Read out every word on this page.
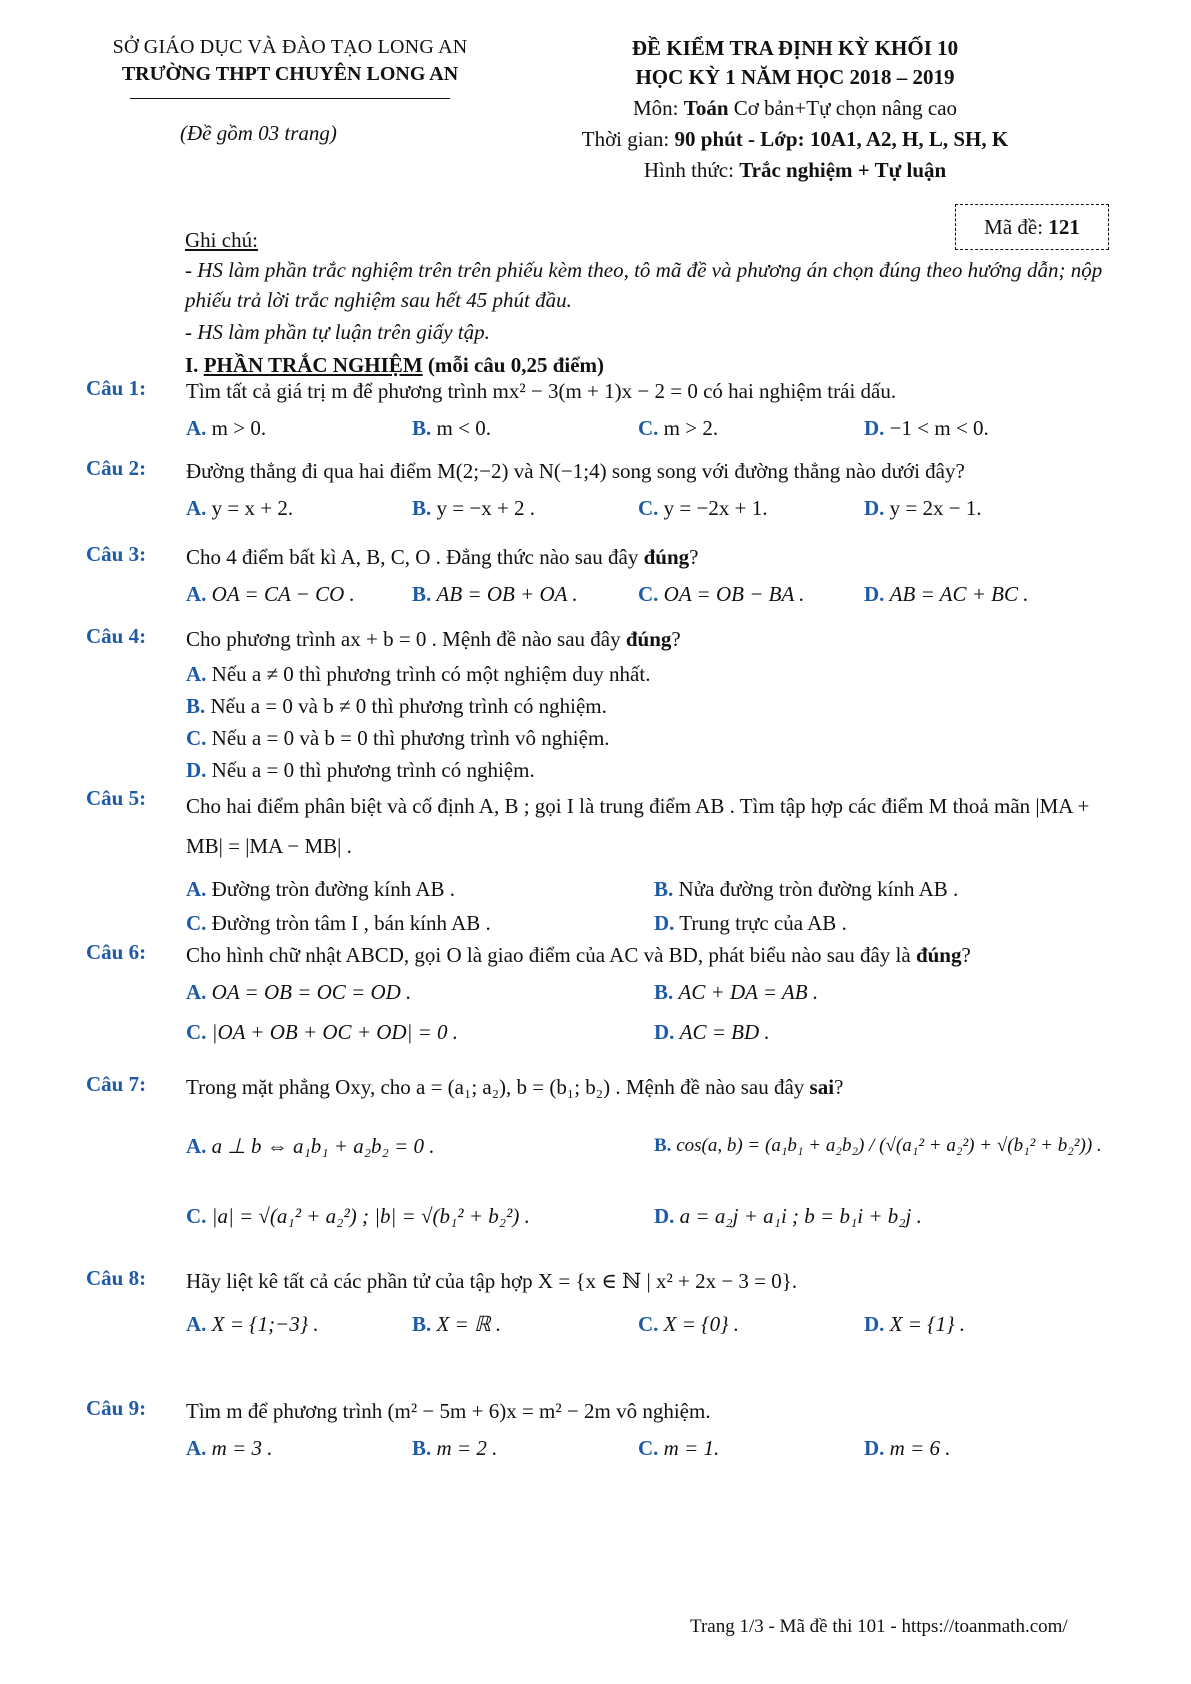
SỞ GIÁO DỤC VÀ ĐÀO TẠO LONG AN
TRƯỜNG THPT CHUYÊN LONG AN
(Đề gồm 03 trang)
ĐỀ KIỂM TRA ĐỊNH KỲ KHỐI 10
HỌC KỲ 1 NĂM HỌC 2018 – 2019
Môn: Toán Cơ bản+Tự chọn nâng cao
Thời gian: 90 phút - Lớp: 10A1, A2, H, L, SH, K
Hình thức: Trắc nghiệm + Tự luận
Mã đề:
121
Ghi chú:
- HS làm phần trắc nghiệm trên trên phiếu kèm theo, tô mã đề và phương án chọn đúng theo hướng dẫn; nộp phiếu trả lời trắc nghiệm sau hết 45 phút đầu.
- HS làm phần tự luận trên giấy tập.
I. PHẦN TRẮC NGHIỆM (mỗi câu 0,25 điểm)
Câu 1: Tìm tất cả giá trị m để phương trình mx² − 3(m + 1)x − 2 = 0 có hai nghiệm trái dấu.
A. m > 0.	B. m < 0.	C. m > 2.	D. −1 < m < 0.
Câu 2: Đường thẳng đi qua hai điểm M(2;−2) và N(−1;4) song song với đường thẳng nào dưới đây?
A. y = x + 2.	B. y = −x + 2 .	C. y = −2x + 1.	D. y = 2x − 1.
Câu 3: Cho 4 điểm bất kì A, B, C, O . Đẳng thức nào sau đây đúng?
A. OA = CA − CO .	B. AB = OB + OA .	C. OA = OB − BA .	D. AB = AC + BC .
Câu 4: Cho phương trình ax + b = 0 . Mệnh đề nào sau đây đúng?
A. Nếu a ≠ 0 thì phương trình có một nghiệm duy nhất.
B. Nếu a = 0 và b ≠ 0 thì phương trình có nghiệm.
C. Nếu a = 0 và b = 0 thì phương trình vô nghiệm.
D. Nếu a = 0 thì phương trình có nghiệm.
Câu 5: Cho hai điểm phân biệt và cố định A, B ; gọi I là trung điểm AB . Tìm tập hợp các điểm M thoả mãn |MA + MB| = |MA − MB| .
A. Đường tròn đường kính AB .	B. Nửa đường tròn đường kính AB .
C. Đường tròn tâm I , bán kính AB .	D. Trung trực của AB .
Câu 6: Cho hình chữ nhật ABCD, gọi O là giao điểm của AC và BD, phát biểu nào sau đây là đúng?
A. OA = OB = OC = OD .	B. AC + DA = AB .
C. |OA + OB + OC + OD| = 0 .	D. AC = BD .
Câu 7: Trong mặt phẳng Oxy, cho a = (a₁; a₂), b = (b₁; b₂) . Mệnh đề nào sau đây sai?
A. a ⊥ b ⇔ a₁b₁ + a₂b₂ = 0 .	B. cos(a, b) = (a₁b₁ + a₂b₂) / (√(a₁² + a₂²) + √(b₁² + b₂²)) .
C. |a| = √(a₁² + a₂²) ; |b| = √(b₁² + b₂²) .	D. a = a₂j + a₁i ; b = b₁i + b₂j .
Câu 8: Hãy liệt kê tất cả các phần tử của tập hợp X = {x ∈ ℕ | x² + 2x − 3 = 0}.
A. X = {1;−3} .	B. X = ℝ .	C. X = {0} .	D. X = {1} .
Câu 9: Tìm m để phương trình (m² − 5m + 6)x = m² − 2m vô nghiệm.
A. m = 3 .	B. m = 2 .	C. m = 1.	D. m = 6 .
Trang 1/3 - Mã đề thi 101 - https://toanmath.com/
